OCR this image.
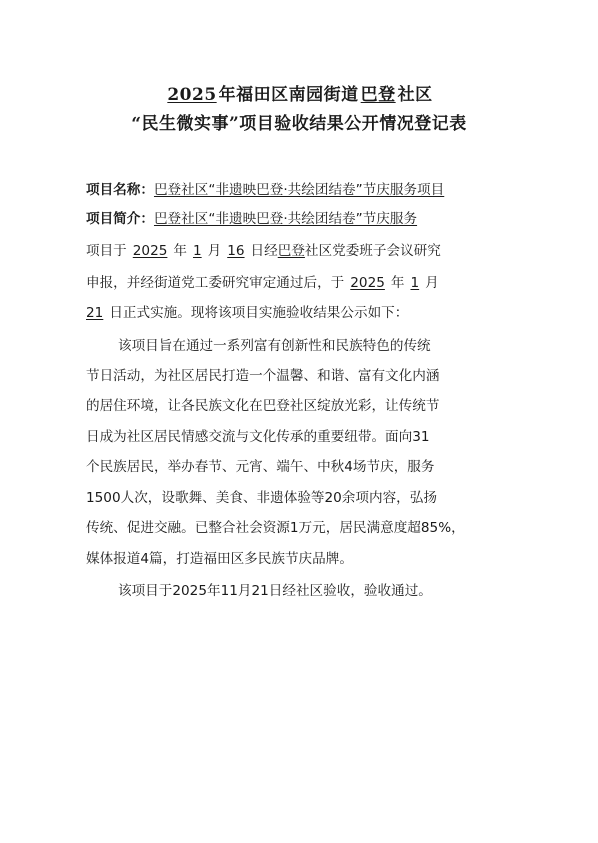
2025 年福田区南园街道 巴登 社区
“民生微实事”项目验收结果公开情况登记表
项目名称：巴登社区“非遗映巴登·共绘团结卷”节庆服务项目
项目简介：巴登社区“非遗映巴登·共绘团结卷”节庆服务
项目于 2025 年 1 月 16 日经巴登社区党委班子会议研究
申报，并经街道党工委研究审定通过后，于 2025 年 1 月
21 日正式实施。现将该项目实施验收结果公示如下：
该项目旨在通过一系列富有创新性和民族特色的传统
节日活动，为社区居民打造一个温馨、和谐、富有文化内涵
的居住环境，让各民族文化在巴登社区绽放光彩，让传统节
日成为社区居民情感交流与文化传承的重要纽带。面向31
个民族居民，举办春节、元宵、端午、中秋4场节庆，服务
1500人次，设歌舞、美食、非遗体验等20余项内容，弘扬
传统、促进交融。已整合社会资源1万元，居民满意度超85%，
媒体报道4篇，打造福田区多民族节庆品牌。
该项目于2025年11月21日经社区验收，验收通过。
